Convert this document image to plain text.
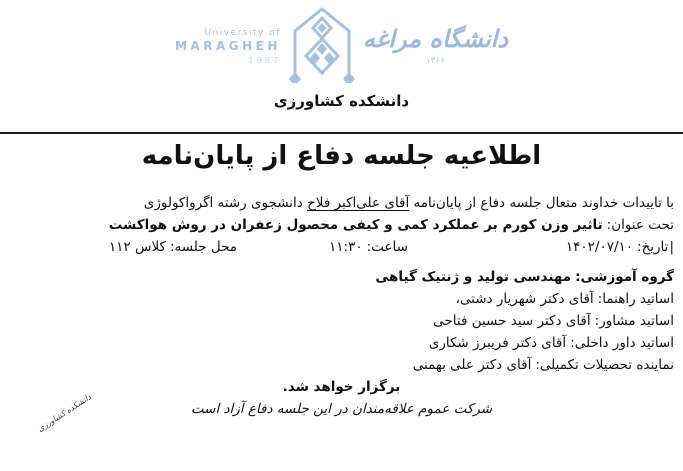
University of
MARAGHEH
1987
دانشگاه مراغه
۱۳۶۶
دانشکده کشاورزی
اطلاعیه جلسه دفاع از پایان‌نامه
با تاییدات خداوند متعال جلسه دفاع از پایان‌نامه آقای علی‌اکبر فلاح دانشجوی رشته اگرواکولوژی
تحت عنوان:تاثیر وزن کورم بر عملکرد کمی و کیفی محصول زعفران در روش هواکشت
|تاریخ:۱۴۰۲/۰۷/۱۰ساعت:۱۱:۳۰محل جلسه:کلاس ۱۱۲
گروه آموزشی:مهندسی تولید و ژنتیک گیاهی
اساتید راهنما:آقای دکتر شهریار دشتی،
اساتید مشاور:آقای دکتر سید حسین فتاحی
اساتید داور داخلی:آقای دکتر فریبرز شکاری
نماینده تحصیلات تکمیلی:آقای دکتر علی بهمنی
برگزار خواهد شد.
شرکت عموم علاقه‌مندان در این جلسه دفاع آزاد است
دانشکده کشاورزی
